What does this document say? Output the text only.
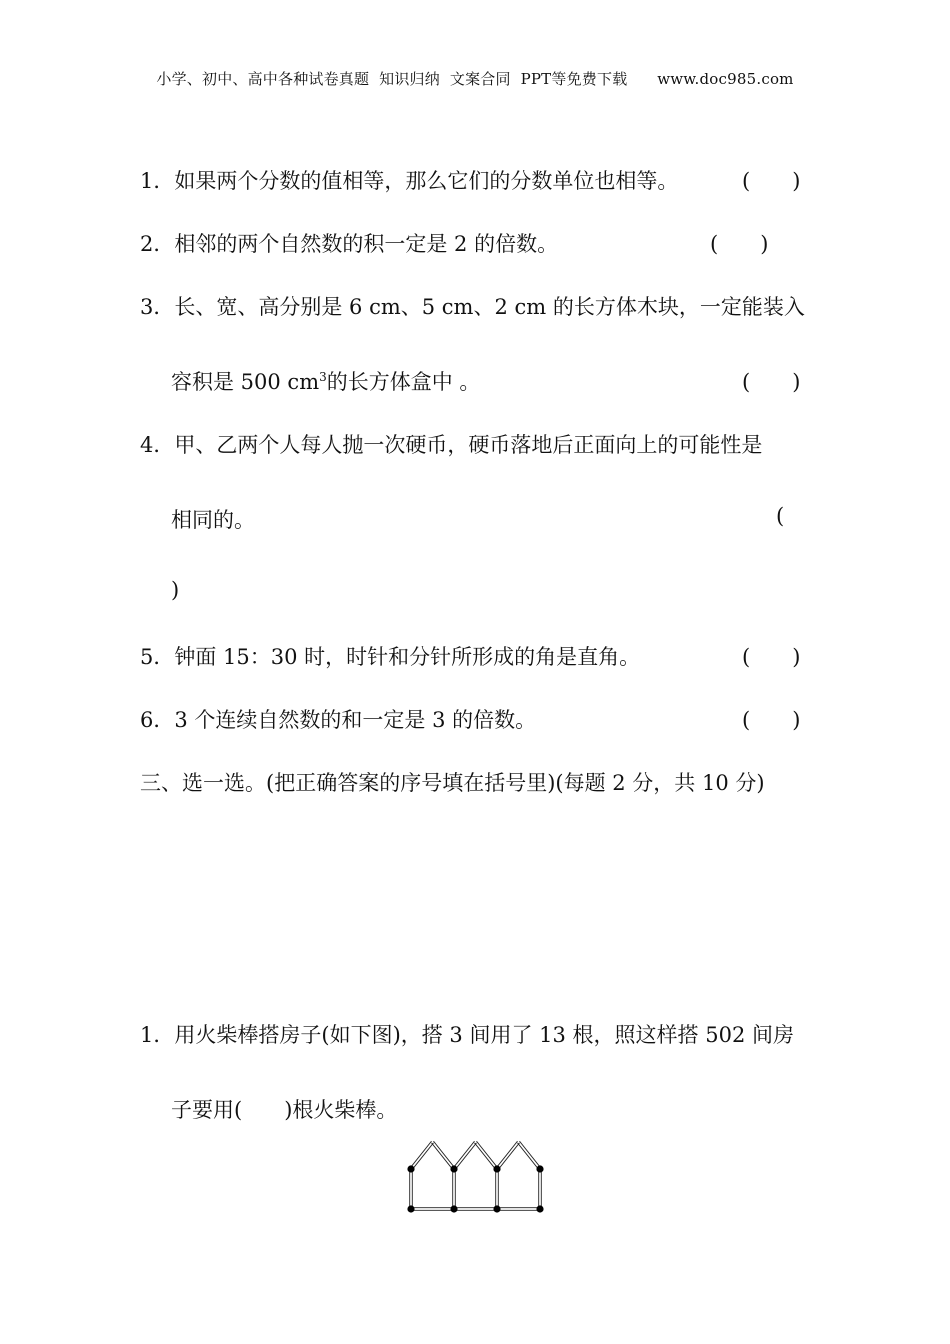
小学、初中、高中各种试卷真题  知识归纳  文案合同  PPT等免费下载      www.doc985.com
1．如果两个分数的值相等，那么它们的分数单位也相等。	(　　)
2．相邻的两个自然数的积一定是 2 的倍数。	(　　)
3．长、宽、高分别是 6 cm、5 cm、2 cm 的长方体木块，一定能装入
容积是 500 $cm^3$的长方体盒中 。	(　　)
4．甲、乙两个人每人抛一次硬币，硬币落地后正面向上的可能性是
相同的。	(
)
5．钟面 15：30 时，时针和分针所形成的角是直角。	(　　)
6．3 个连续自然数的和一定是 3 的倍数。	(　　)
三、选一选。(把正确答案的序号填在括号里)(每题 2 分，共 10 分)
1．用火柴棒搭房子(如下图)，搭 3 间用了 13 根，照这样搭 502 间房
子要用(　　)根火柴棒。
